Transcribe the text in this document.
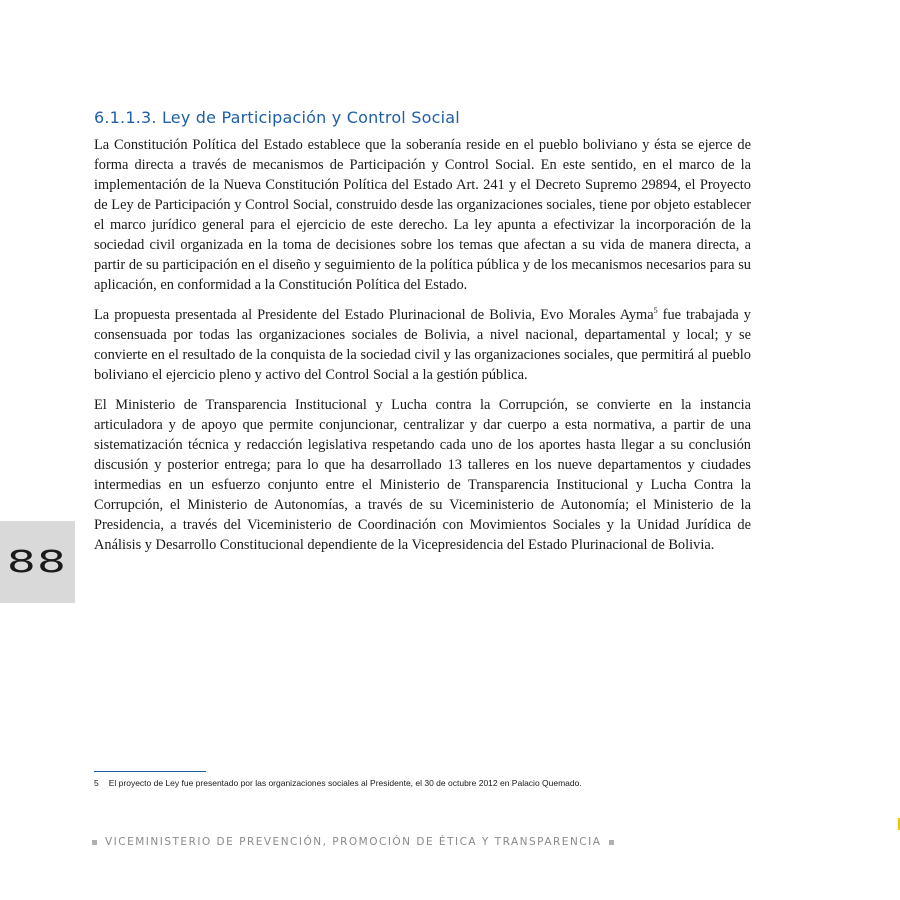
88
6.1.1.3. Ley de Participación y Control Social

La Constitución Política del Estado establece que la soberanía reside en el pueblo boliviano y ésta se ejerce de forma directa a través de mecanismos de Participación y Control Social. En este sentido, en el marco de la implementación de la Nueva Constitución Política del Estado Art. 241 y el Decreto Supremo 29894, el Proyecto de Ley de Participación y Control Social, construido desde las organizaciones sociales, tiene por objeto establecer el marco jurídico general para el ejercicio de este derecho. La ley apunta a efectivizar la incorporación de la sociedad civil organizada en la toma de decisiones sobre los temas que afectan a su vida de manera directa, a partir de su participación en el diseño y seguimiento de la política pública y de los mecanismos necesarios para su aplicación, en conformidad a la Constitución Política del Estado.

La propuesta presentada al Presidente del Estado Plurinacional de Bolivia, Evo Morales Ayma$^5$ fue trabajada y consensuada por todas las organizaciones sociales de Bolivia, a nivel nacional, departamental y local; y se convierte en el resultado de la conquista de la sociedad civil y las organizaciones sociales, que permitirá al pueblo boliviano el ejercicio pleno y activo del Control Social a la gestión pública.

El Ministerio de Transparencia Institucional y Lucha contra la Corrupción, se convierte en la instancia articuladora y de apoyo que permite conjuncionar, centralizar y dar cuerpo a esta normativa, a partir de una sistematización técnica y redacción legislativa respetando cada uno de los aportes hasta llegar a su conclusión discusión y posterior entrega; para lo que ha desarrollado 13 talleres en los nueve departamentos y ciudades intermedias en un esfuerzo conjunto entre el Ministerio de Transparencia Institucional y Lucha Contra la Corrupción, el Ministerio de Autonomías, a través de su Viceministerio de Autonomía; el Ministerio de la Presidencia, a través del Viceministerio de Coordinación con Movimientos Sociales y la Unidad Jurídica de Análisis y Desarrollo Constitucional dependiente de la Vicepresidencia del Estado Plurinacional de Bolivia.

5 El proyecto de Ley fue presentado por las organizaciones sociales al Presidente, el 30 de octubre 2012 en Palacio Quemado.
VICEMINISTERIO DE PREVENCIÓN, PROMOCIÓN DE ÉTICA Y TRANSPARENCIA
